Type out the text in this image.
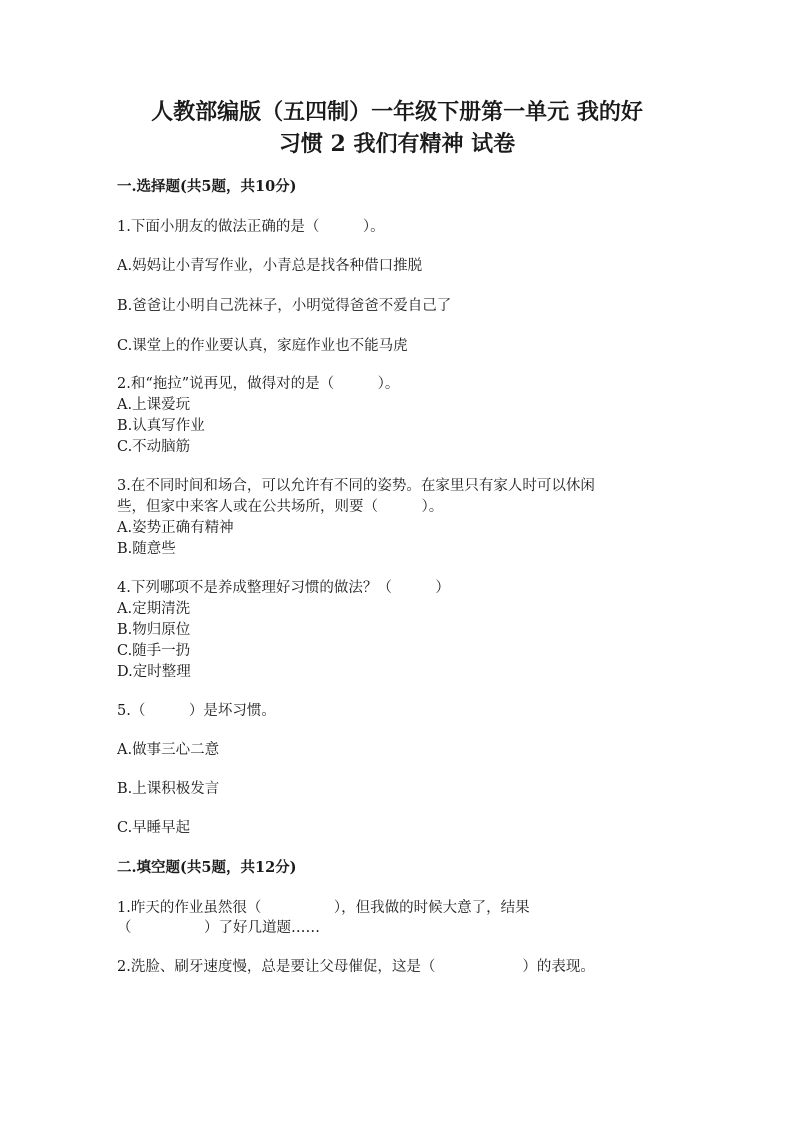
人教部编版（五四制）一年级下册第一单元 我的好
习惯 2 我们有精神 试卷
一.选择题(共5题，共10分)
1.下面小朋友的做法正确的是（　　　）。
A.妈妈让小青写作业，小青总是找各种借口推脱
B.爸爸让小明自己洗袜子，小明觉得爸爸不爱自己了
C.课堂上的作业要认真，家庭作业也不能马虎
2.和“拖拉”说再见，做得对的是（　　　）。
A.上课爱玩
B.认真写作业
C.不动脑筋
3.在不同时间和场合，可以允许有不同的姿势。在家里只有家人时可以休闲
些，但家中来客人或在公共场所，则要（　　　）。
A.姿势正确有精神
B.随意些
4.下列哪项不是养成整理好习惯的做法？（　　　）
A.定期清洗
B.物归原位
C.随手一扔
D.定时整理
5.（　　　）是坏习惯。
A.做事三心二意
B.上课积极发言
C.早睡早起
二.填空题(共5题，共12分)
1.昨天的作业虽然很（　　　　　），但我做的时候大意了，结果
（　　　　　）了好几道题……
2.洗脸、刷牙速度慢，总是要让父母催促，这是（　　　　　　）的表现。
